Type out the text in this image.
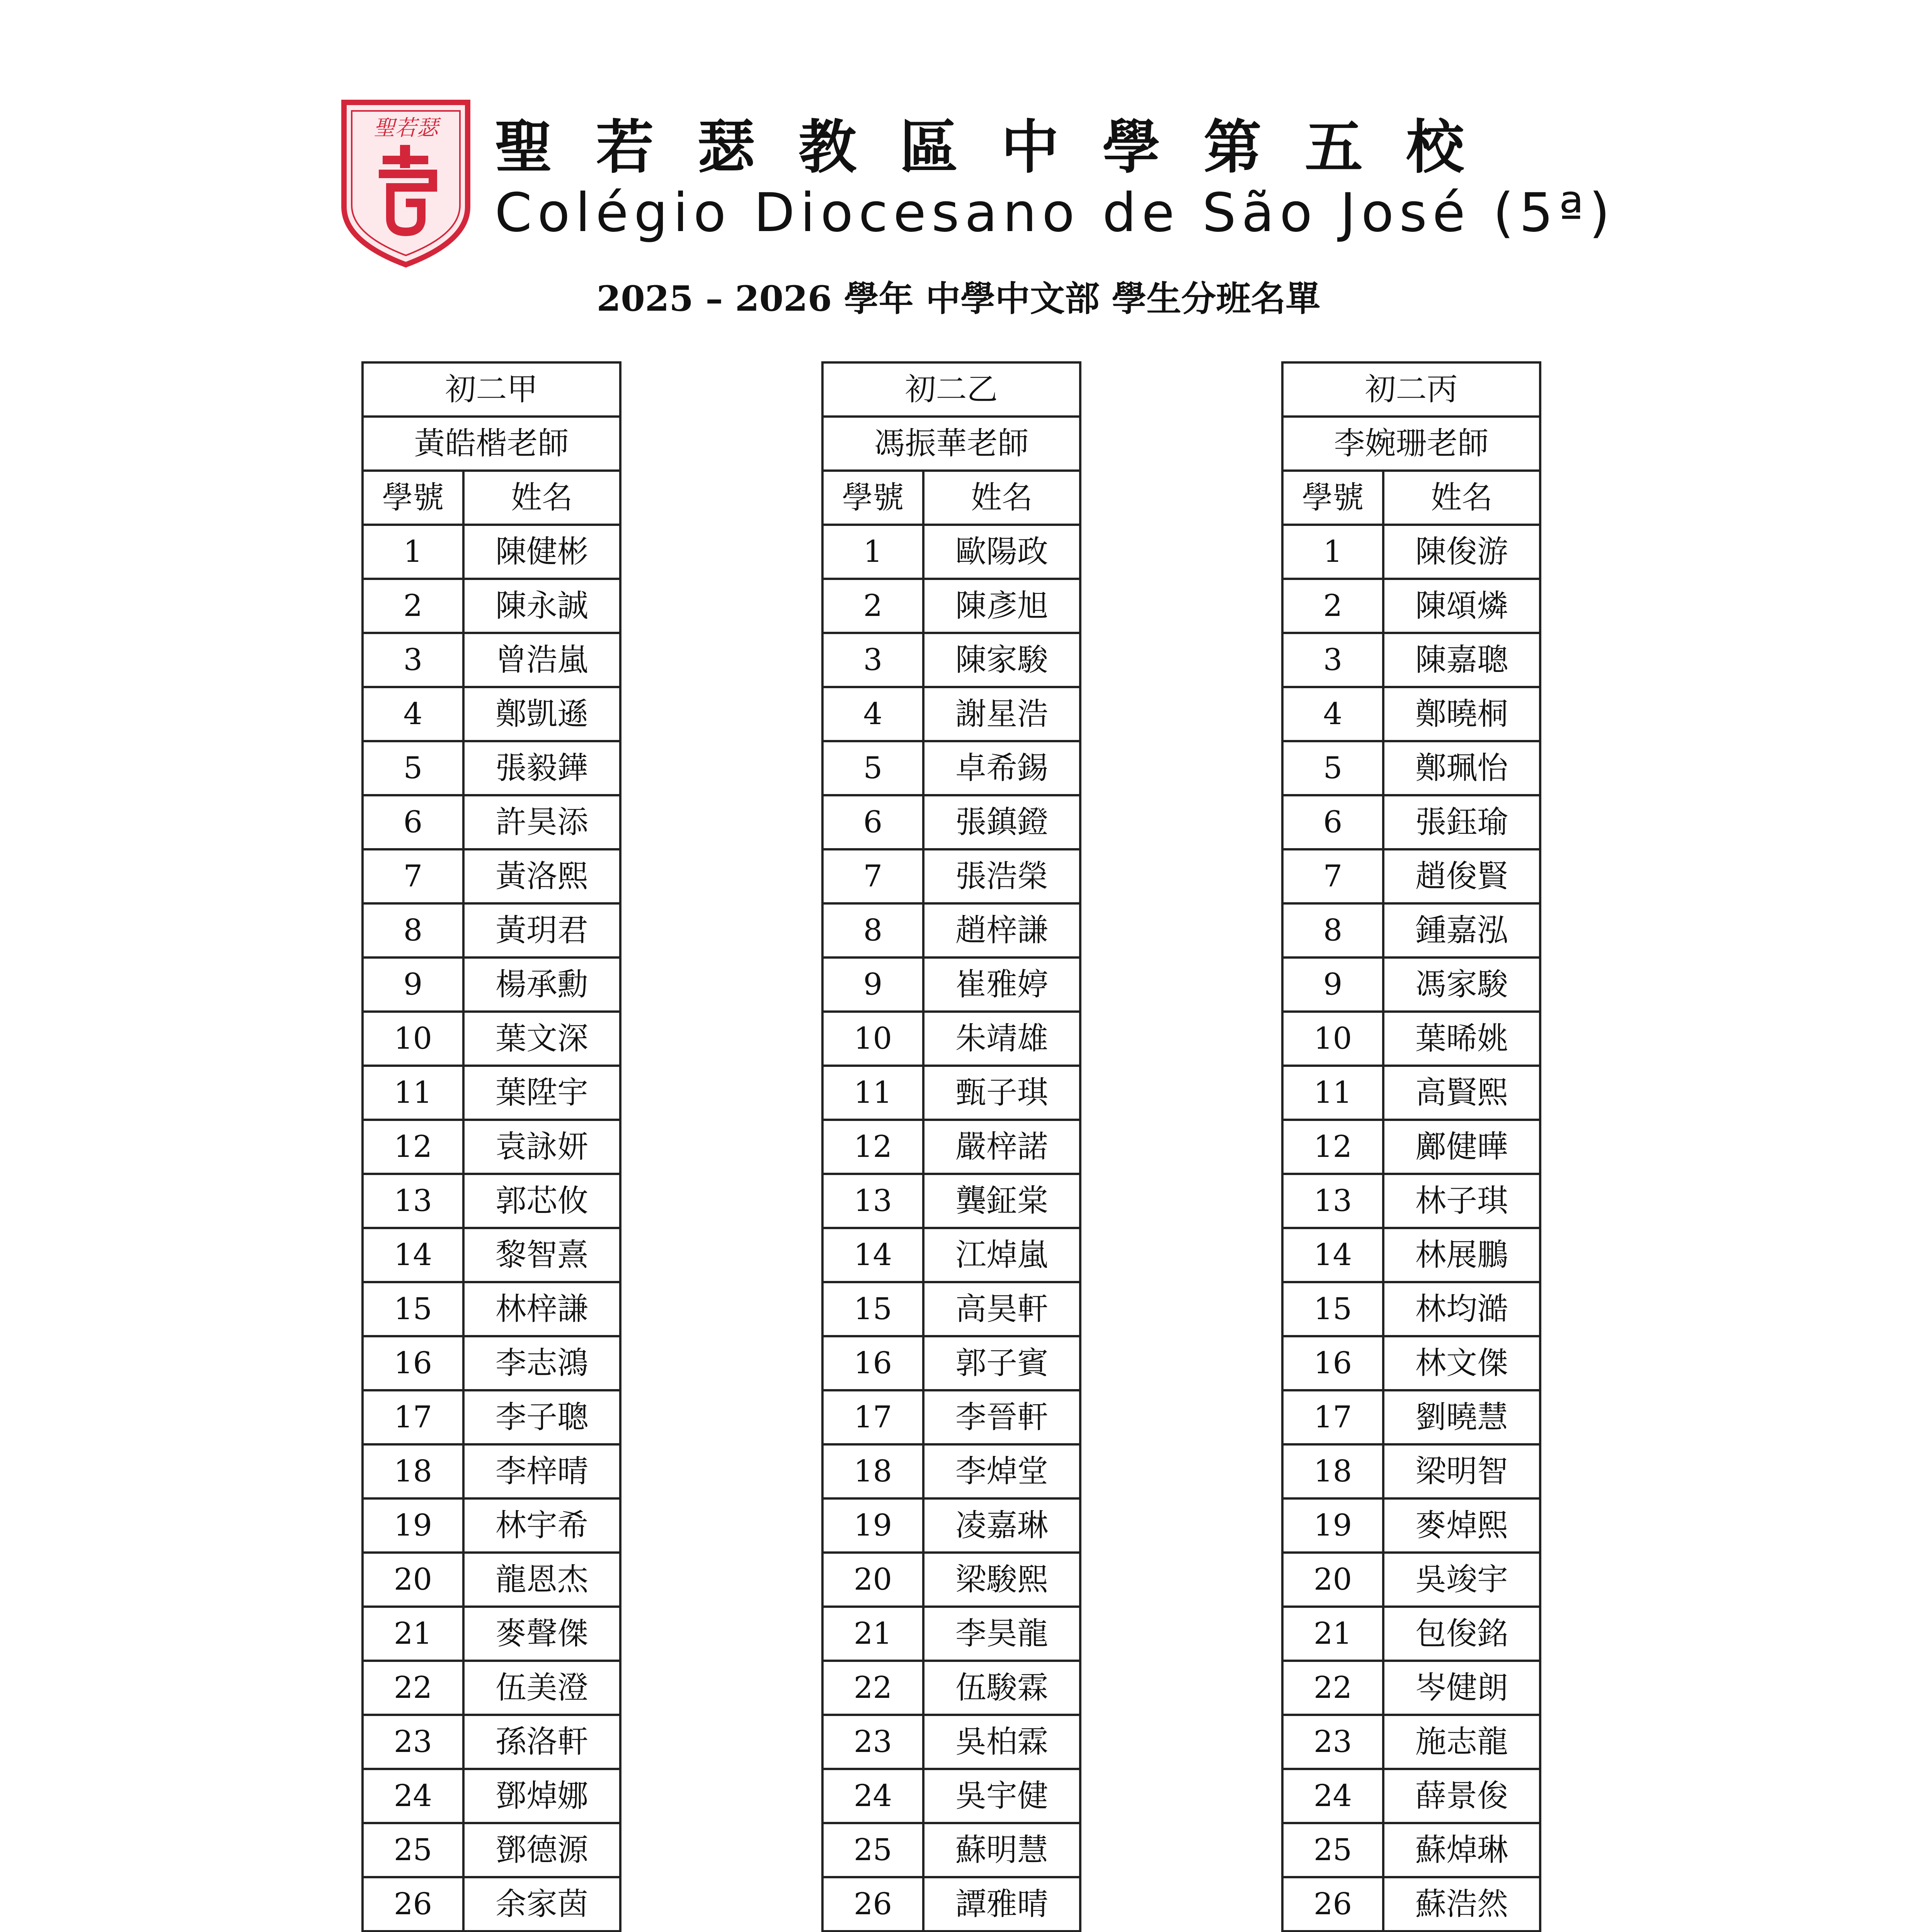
聖若瑟 聖若瑟教區中學第五校
Colégio Diocesano de São José (5ª)
2025 – 2026 學年 中學中文部 學生分班名單
初二甲	
黃皓楷老師	
學號	姓名
1	陳健彬
2	陳永誠
3	曾浩嵐
4	鄭凱遜
5	張毅鏵
6	許昊添
7	黃洛熙
8	黃玥君
9	楊承勳
10	葉文深
11	葉陞宇
12	袁詠妍
13	郭芯攸
14	黎智熹
15	林梓謙
16	李志鴻
17	李子聰
18	李梓晴
19	林宇希
20	龍恩杰
21	麥聲傑
22	伍美澄
23	孫洛軒
24	鄧焯娜
25	鄧德源
26	余家茵

初二乙	
馮振華老師	
學號	姓名
1	歐陽政
2	陳彥旭
3	陳家駿
4	謝星浩
5	卓希錫
6	張鎮鐙
7	張浩榮
8	趙梓謙
9	崔雅婷
10	朱靖雄
11	甄子琪
12	嚴梓諾
13	龔鉦棠
14	江焯嵐
15	高昊軒
16	郭子賓
17	李晉軒
18	李焯堂
19	凌嘉琳
20	梁駿熙
21	李昊龍
22	伍駿霖
23	吳柏霖
24	吳宇健
25	蘇明慧
26	譚雅晴

初二丙	
李婉珊老師	
學號	姓名
1	陳俊游
2	陳頌燐
3	陳嘉聰
4	鄭曉桐
5	鄭珮怡
6	張鈺瑜
7	趙俊賢
8	鍾嘉泓
9	馮家駿
10	葉晞姚
11	高賢熙
12	鄺健曄
13	林子琪
14	林展鵬
15	林均澔
16	林文傑
17	劉曉慧
18	梁明智
19	麥焯熙
20	吳竣宇
21	包俊銘
22	岑健朗
23	施志龍
24	薛景俊
25	蘇焯琳
26	蘇浩然
